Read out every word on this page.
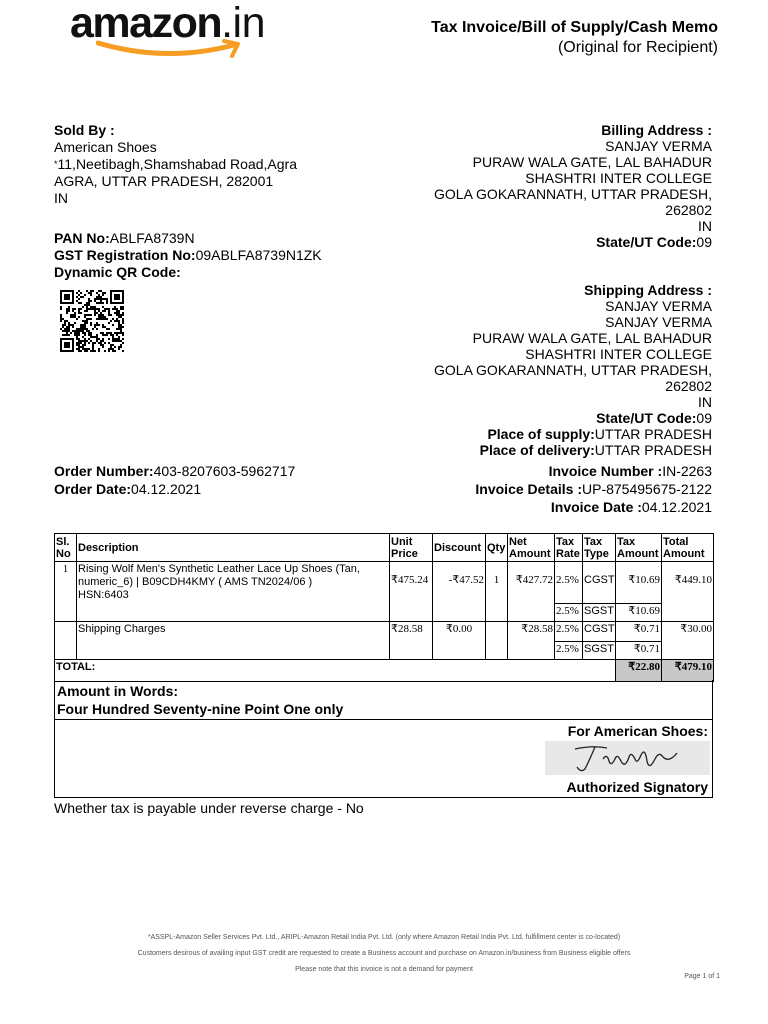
amazon.in	Tax Invoice/Bill of Supply/Cash Memo
(Original for Recipient)
Sold By :
American Shoes
*11,Neetibagh,Shamshabad Road,Agra
AGRA, UTTAR PRADESH, 282001
IN
PAN No:ABLFA8739N
GST Registration No:09ABLFA8739N1ZK
Dynamic QR Code:
Billing Address :
SANJAY VERMA
PURAW WALA GATE, LAL BAHADUR
SHASHTRI INTER COLLEGE
GOLA GOKARANNATH, UTTAR PRADESH,
262802
IN
State/UT Code:09
Shipping Address :
SANJAY VERMA
SANJAY VERMA
PURAW WALA GATE, LAL BAHADUR
SHASHTRI INTER COLLEGE
GOLA GOKARANNATH, UTTAR PRADESH,
262802
IN
State/UT Code:09
Place of supply:UTTAR PRADESH
Place of delivery:UTTAR PRADESH
Order Number:403-8207603-5962717
Order Date:04.12.2021
Invoice Number :IN-2263
Invoice Details :UP-875495675-2122
Invoice Date :04.12.2021
Sl. No	Description	Unit Price	Discount	Qty	Net Amount	Tax Rate	Tax Type	Tax Amount	Total Amount
1	Rising Wolf Men's Synthetic Leather Lace Up Shoes (Tan, numeric_6) | B09CDH4KMY ( AMS TN2024/06 )
HSN:6403	₹475.24	-₹47.52	1	₹427.72	2.5%	CGST	₹10.69	₹449.10
						2.5%	SGST	₹10.69	
	Shipping Charges	₹28.58	₹0.00		₹28.58	2.5%	CGST	₹0.71	₹30.00
						2.5%	SGST	₹0.71	
TOTAL:								₹22.80	₹479.10
Amount in Words:
Four Hundred Seventy-nine Point One only
For American Shoes:
Authorized Signatory
Whether tax is payable under reverse charge - No
*ASSPL-Amazon Seller Services Pvt. Ltd., ARIPL-Amazon Retail India Pvt. Ltd. (only where Amazon Retail India Pvt. Ltd. fulfillment center is co-located)
Customers desirous of availing input GST credit are requested to create a Business account and purchase on Amazon.in/business from Business eligible offers
Please note that this invoice is not a demand for payment
Page 1 of 1
